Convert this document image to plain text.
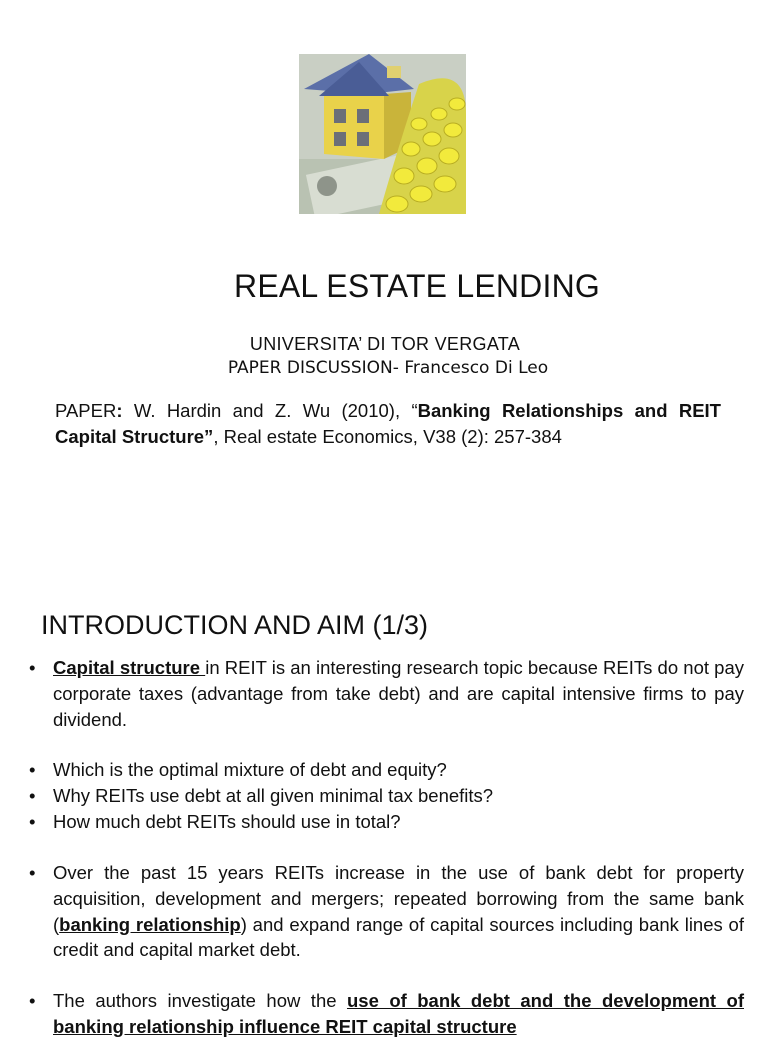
REAL ESTATE LENDING
UNIVERSITA’ DI TOR VERGATA
PAPER DISCUSSION- Francesco Di Leo
PAPER: W. Hardin and Z. Wu (2010), “Banking Relationships and REIT Capital Structure”, Real estate Economics, V38 (2): 257-384
INTRODUCTION AND AIM (1/3)
• Capital structure in REIT is an interesting research topic because REITs do not pay corporate taxes (advantage from take debt) and are capital intensive firms to pay dividend.
• Which is the optimal mixture of debt and equity?
• Why REITs use debt at all given minimal tax benefits?
• How much debt REITs should use in total?
• Over the past 15 years REITs increase in the use of bank debt for property acquisition, development and mergers; repeated borrowing from the same bank (banking relationship) and expand range of capital sources including bank lines of credit and capital market debt.
• The authors investigate how the use of bank debt and the development of banking relationship influence REIT capital structure
